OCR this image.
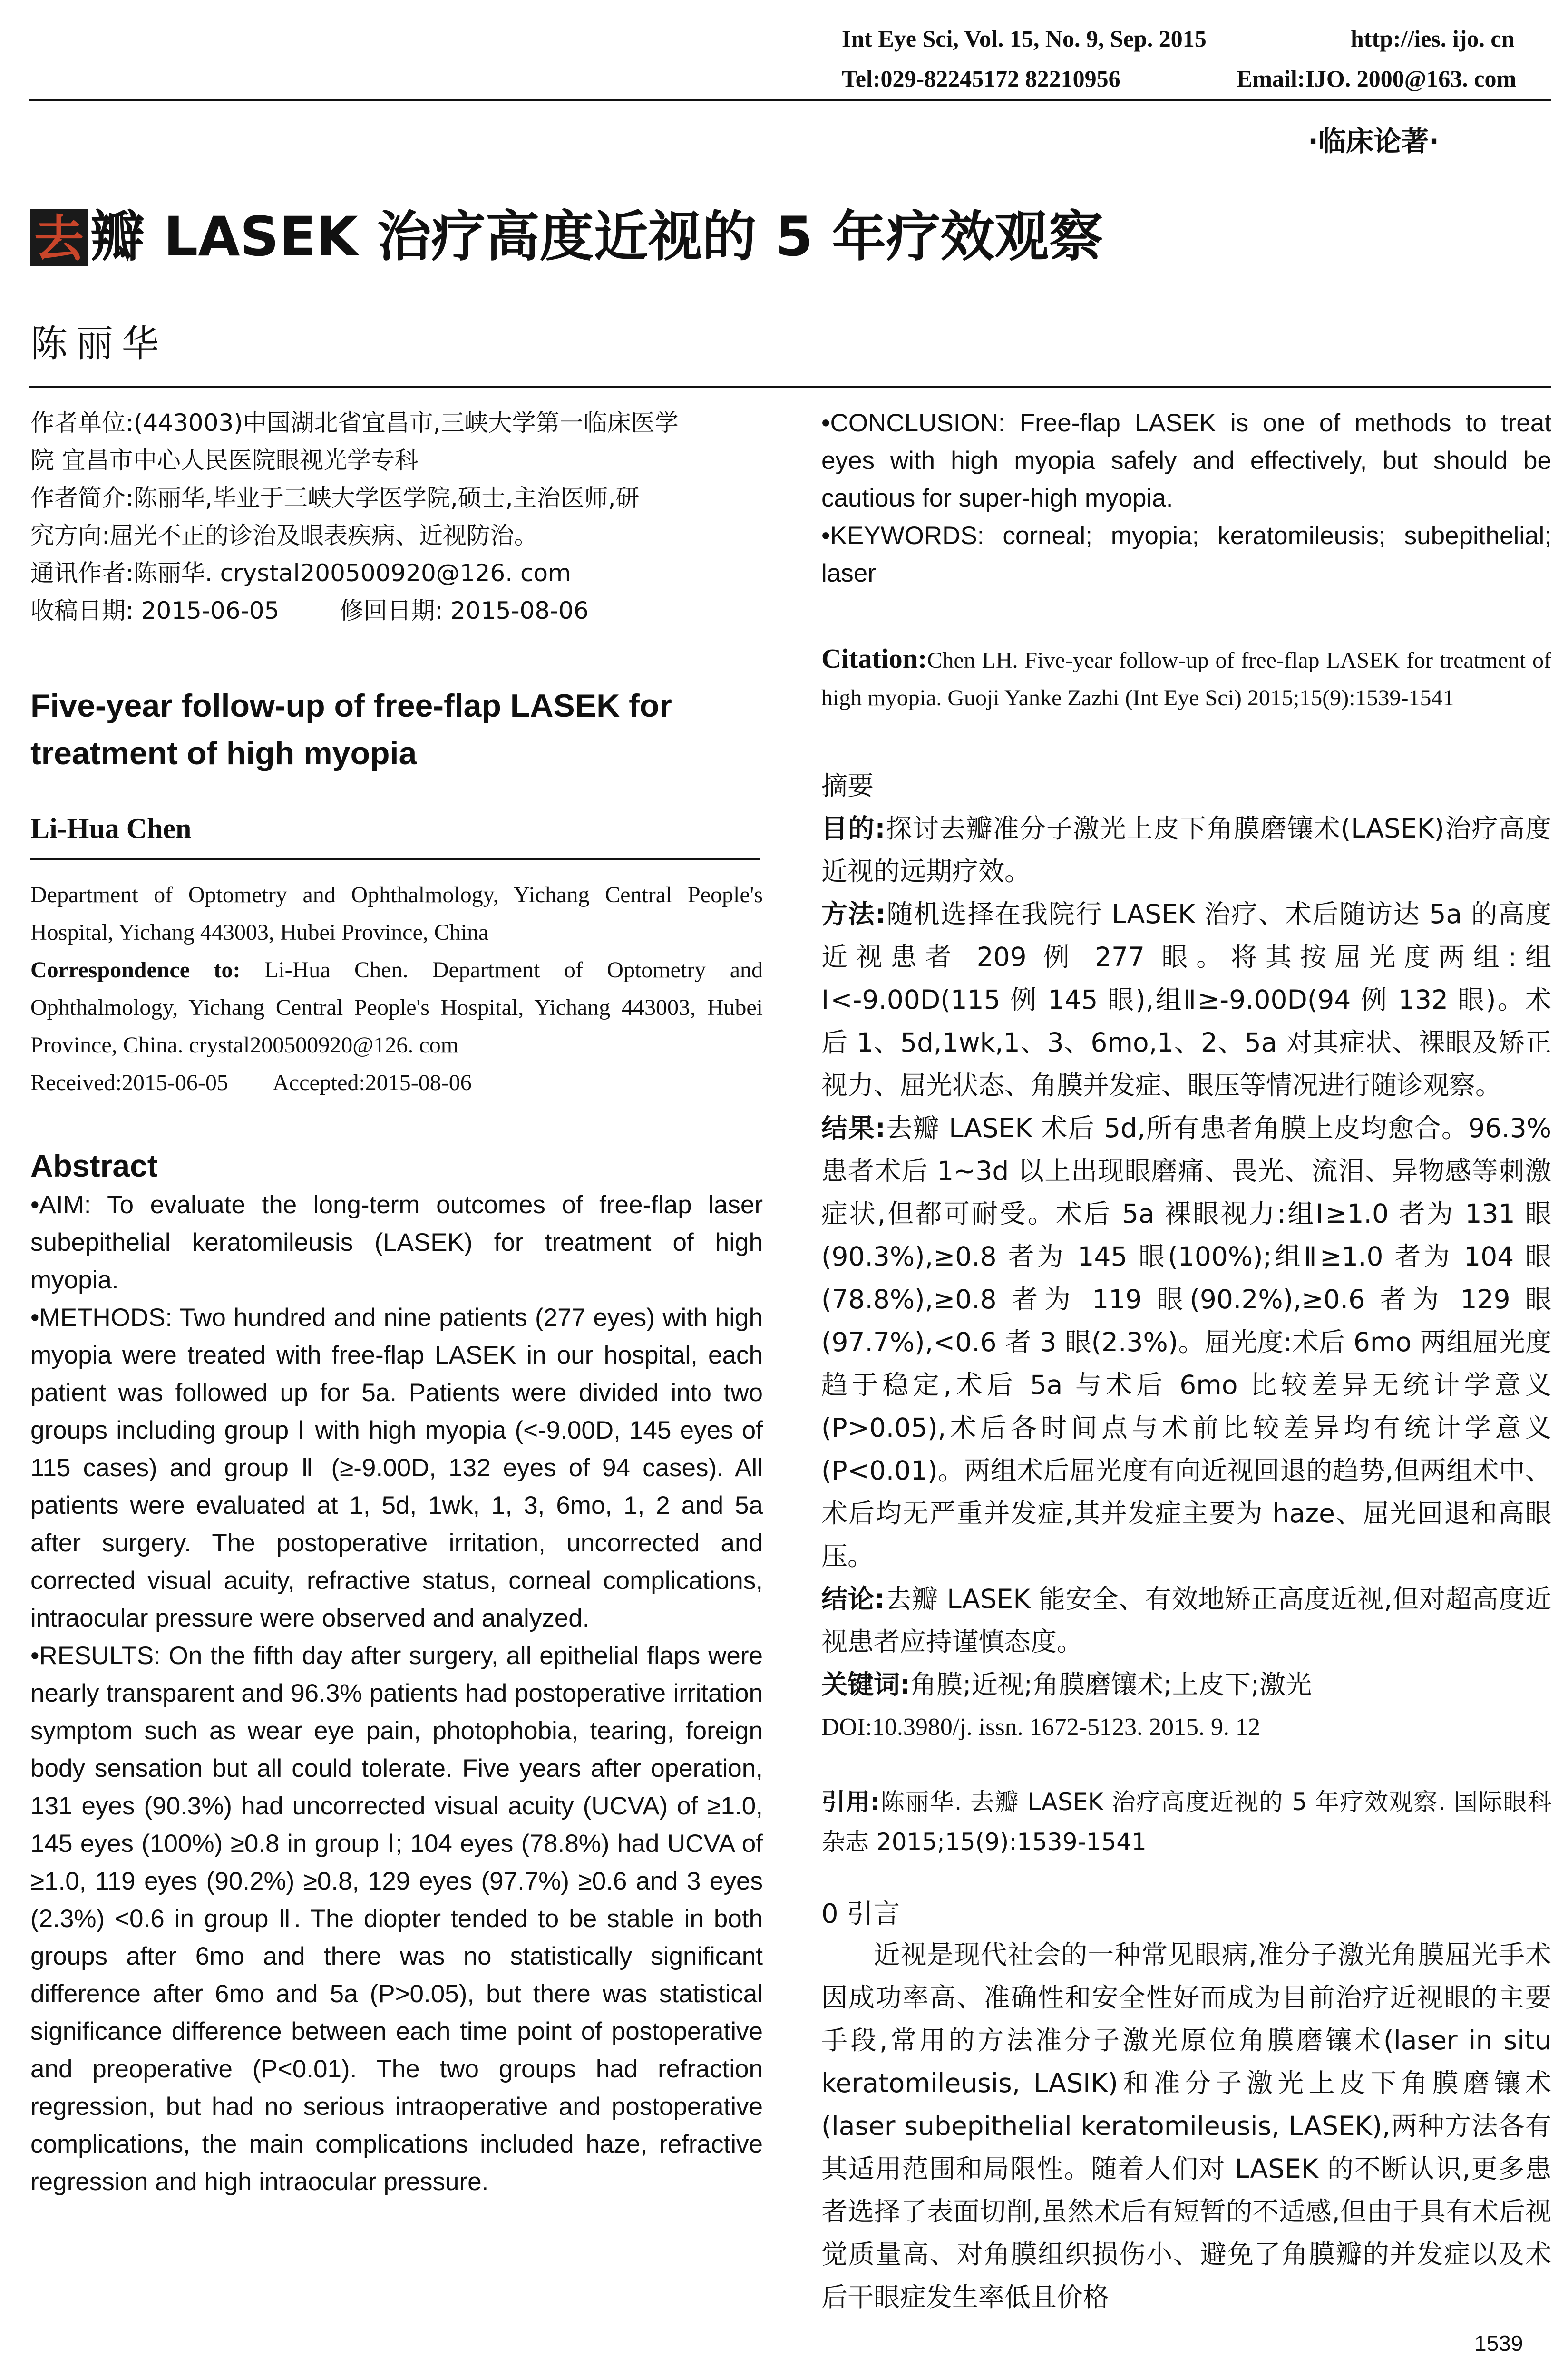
Int Eye Sci, Vol. 15, No. 9, Sep. 2015	http://ies. ijo. cn
Tel:029-82245172 82210956	Email:IJO. 2000@163. com
·临床论著·
去 瓣 LASEK 治疗高度近视的 5 年疗效观察
陈丽华
作者单位:(443003)中国湖北省宜昌市,三峡大学第一临床医学
院 宜昌市中心人民医院眼视光学专科
作者简介:陈丽华,毕业于三峡大学医学院,硕士,主治医师,研
究方向:屈光不正的诊治及眼表疾病、近视防治。
通讯作者:陈丽华. crystal200500920@126. com
收稿日期: 2015-06-05        修回日期: 2015-08-06
Five-year follow-up of free-flap LASEK for treatment of high myopia
Li-Hua Chen
Department of Optometry and Ophthalmology, Yichang Central People's Hospital, Yichang 443003, Hubei Province, China
Correspondence to: Li-Hua Chen. Department of Optometry and Ophthalmology, Yichang Central People's Hospital, Yichang 443003, Hubei Province, China. crystal200500920@126. com
Received:2015-06-05        Accepted:2015-08-06
Abstract

•AIM: To evaluate the long-term outcomes of free-flap laser subepithelial keratomileusis (LASEK) for treatment of high myopia.

•METHODS: Two hundred and nine patients (277 eyes) with high myopia were treated with free-flap LASEK in our hospital, each patient was followed up for 5a. Patients were divided into two groups including group Ⅰ with high myopia (<-9.00D, 145 eyes of 115 cases) and group Ⅱ (≥-9.00D, 132 eyes of 94 cases). All patients were evaluated at 1, 5d, 1wk, 1, 3, 6mo, 1, 2 and 5a after surgery. The postoperative irritation, uncorrected and corrected visual acuity, refractive status, corneal complications, intraocular pressure were observed and analyzed.

•RESULTS: On the fifth day after surgery, all epithelial flaps were nearly transparent and 96.3% patients had postoperative irritation symptom such as wear eye pain, photophobia, tearing, foreign body sensation but all could tolerate. Five years after operation, 131 eyes (90.3%) had uncorrected visual acuity (UCVA) of ≥1.0, 145 eyes (100%) ≥0.8 in group Ⅰ; 104 eyes (78.8%) had UCVA of ≥1.0, 119 eyes (90.2%) ≥0.8, 129 eyes (97.7%) ≥0.6 and 3 eyes (2.3%) <0.6 in group Ⅱ. The diopter tended to be stable in both groups after 6mo and there was no statistically significant difference after 6mo and 5a (P>0.05), but there was statistical significance difference between each time point of postoperative and preoperative (P<0.01). The two groups had refraction regression, but had no serious intraoperative and postoperative complications, the main complications included haze, refractive regression and high intraocular pressure.

•CONCLUSION: Free-flap LASEK is one of methods to treat eyes with high myopia safely and effectively, but should be cautious for super-high myopia.

•KEYWORDS: corneal; myopia; keratomileusis; subepithelial; laser

Citation:Chen LH. Five-year follow-up of free-flap LASEK for treatment of high myopia. Guoji Yanke Zazhi (Int Eye Sci) 2015;15(9):1539-1541
摘要

目的:探讨去瓣准分子激光上皮下角膜磨镶术(LASEK)治疗高度近视的远期疗效。

方法:随机选择在我院行 LASEK 治疗、术后随访达 5a 的高度近视患者 209 例 277 眼。将其按屈光度两组:组Ⅰ<-9.00D(115 例 145 眼),组Ⅱ≥-9.00D(94 例 132 眼)。术后 1、5d,1wk,1、3、6mo,1、2、5a 对其症状、裸眼及矫正视力、屈光状态、角膜并发症、眼压等情况进行随诊观察。

结果:去瓣 LASEK 术后 5d,所有患者角膜上皮均愈合。96.3%患者术后 1~3d 以上出现眼磨痛、畏光、流泪、异物感等刺激症状,但都可耐受。术后 5a 裸眼视力:组Ⅰ≥1.0 者为 131 眼(90.3%),≥0.8 者为 145 眼(100%);组Ⅱ≥1.0 者为 104 眼(78.8%),≥0.8 者为 119 眼(90.2%),≥0.6 者为 129 眼(97.7%),<0.6 者 3 眼(2.3%)。屈光度:术后 6mo 两组屈光度趋于稳定,术后 5a 与术后 6mo 比较差异无统计学意义(P>0.05),术后各时间点与术前比较差异均有统计学意义(P<0.01)。两组术后屈光度有向近视回退的趋势,但两组术中、术后均无严重并发症,其并发症主要为 haze、屈光回退和高眼压。

结论:去瓣 LASEK 能安全、有效地矫正高度近视,但对超高度近视患者应持谨慎态度。

关键词:角膜;近视;角膜磨镶术;上皮下;激光

DOI:10.3980/j. issn. 1672-5123. 2015. 9. 12

引用:陈丽华. 去瓣 LASEK 治疗高度近视的 5 年疗效观察. 国际眼科杂志 2015;15(9):1539-1541
0 引言
近视是现代社会的一种常见眼病,准分子激光角膜屈光手术因成功率高、准确性和安全性好而成为目前治疗近视眼的主要手段,常用的方法准分子激光原位角膜磨镶术(laser in situ keratomileusis, LASIK)和准分子激光上皮下角膜磨镶术(laser subepithelial keratomileusis, LASEK),两种方法各有其适用范围和局限性。随着人们对 LASEK 的不断认识,更多患者选择了表面切削,虽然术后有短暂的不适感,但由于具有术后视觉质量高、对角膜组织损伤小、避免了角膜瓣的并发症以及术后干眼症发生率低且价格
1539
